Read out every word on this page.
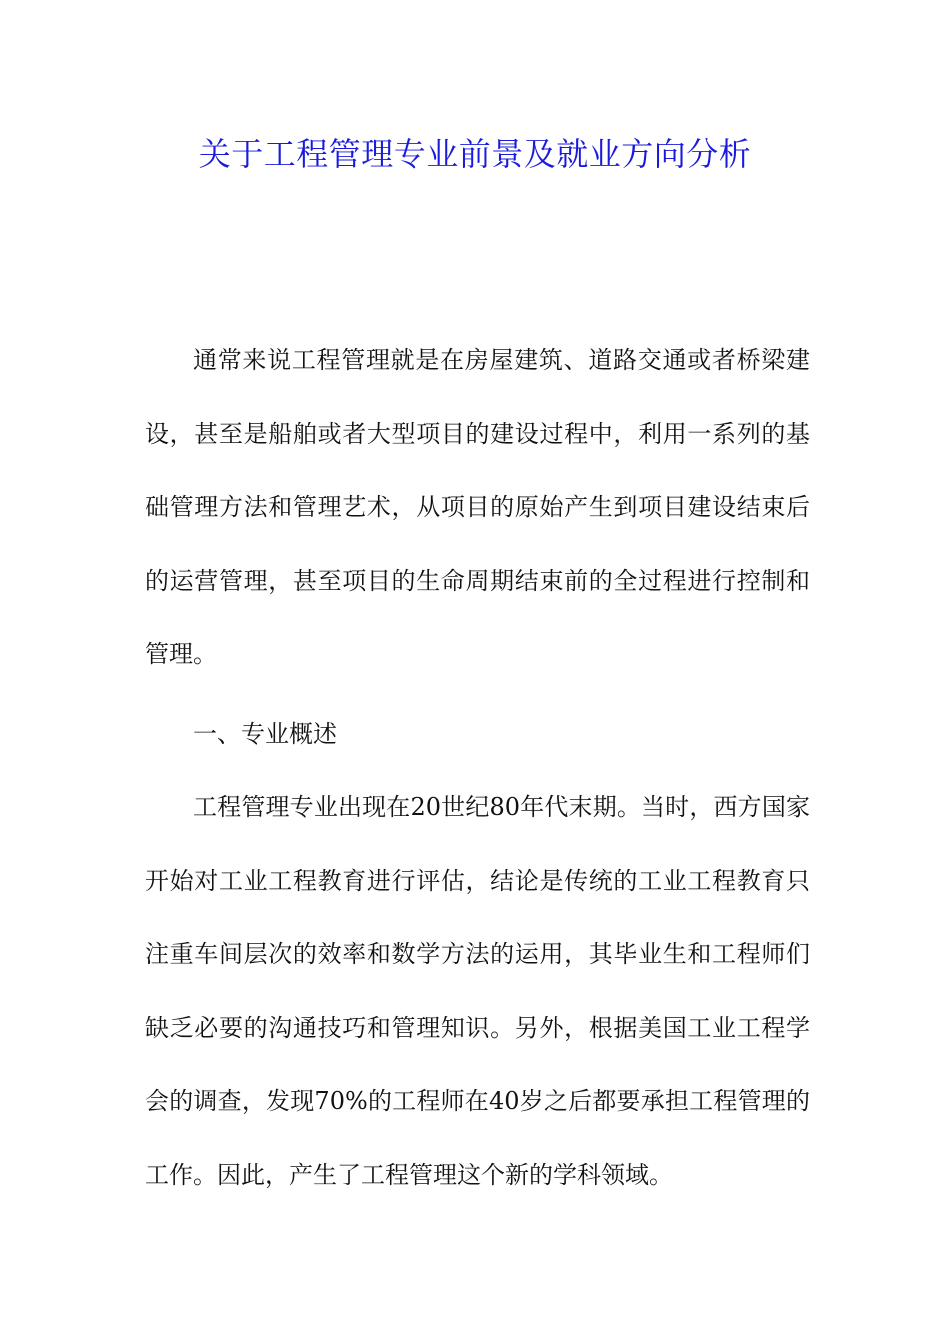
关于工程管理专业前景及就业方向分析

通常来说工程管理就是在房屋建筑、道路交通或者桥梁建设，甚至是船舶或者大型项目的建设过程中，利用一系列的基础管理方法和管理艺术，从项目的原始产生到项目建设结束后的运营管理，甚至项目的生命周期结束前的全过程进行控制和管理。

一、专业概述

工程管理专业出现在20世纪80年代末期。当时，西方国家开始对工业工程教育进行评估，结论是传统的工业工程教育只注重车间层次的效率和数学方法的运用，其毕业生和工程师们缺乏必要的沟通技巧和管理知识。另外，根据美国工业工程学会的调查，发现70%的工程师在40岁之后都要承担工程管理的工作。因此，产生了工程管理这个新的学科领域。
